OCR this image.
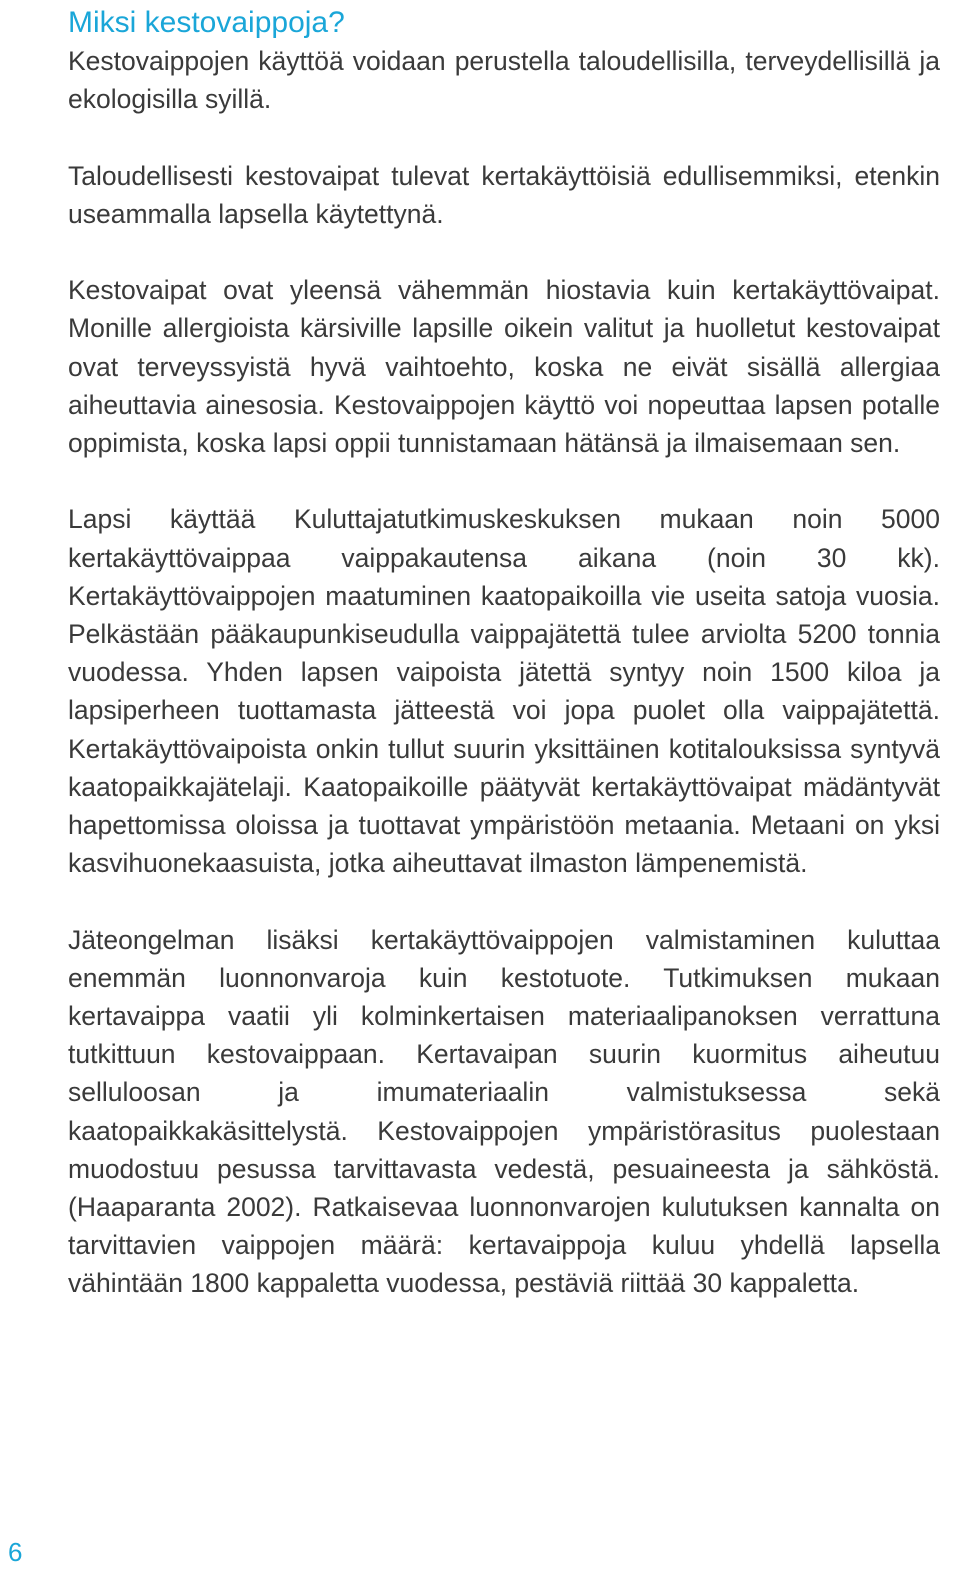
Miksi kestovaippoja?

Kestovaippojen käyttöä voidaan perustella taloudellisilla, terveydellisillä ja ekologisilla syillä.

Taloudellisesti kestovaipat tulevat kertakäyttöisiä edullisemmiksi, etenkin useammalla lapsella käytettynä.

Kestovaipat ovat yleensä vähemmän hiostavia kuin kertakäyttövaipat. Monille allergioista kärsiville lapsille oikein valitut ja huolletut kestovaipat ovat terveyssyistä hyvä vaihtoehto, koska ne eivät sisällä allergiaa aiheuttavia ainesosia. Kestovaippojen käyttö voi nopeuttaa lapsen potalle oppimista, koska lapsi oppii tunnistamaan hätänsä ja ilmaisemaan sen.

Lapsi käyttää Kuluttajatutkimuskeskuksen mukaan noin 5000 kertakäyttövaippaa vaippakautensa aikana (noin 30 kk). Kertakäyttövaippojen maatuminen kaatopaikoilla vie useita satoja vuosia. Pelkästään pääkaupunkiseudulla vaippajätettä tulee arviolta 5200 tonnia vuodessa. Yhden lapsen vaipoista jätettä syntyy noin 1500 kiloa ja lapsiperheen tuottamasta jätteestä voi jopa puolet olla vaippajätettä. Kertakäyttövaipoista onkin tullut suurin yksittäinen kotitalouksissa syntyvä kaatopaikkajätelaji. Kaatopaikoille päätyvät kertakäyttövaipat mädäntyvät hapettomissa oloissa ja tuottavat ympäristöön metaania. Metaani on yksi kasvihuonekaasuista, jotka aiheuttavat ilmaston lämpenemistä.

Jäteongelman lisäksi kertakäyttövaippojen valmistaminen kuluttaa enemmän luonnonvaroja kuin kestotuote. Tutkimuksen mukaan kertavaippa vaatii yli kolminkertaisen materiaalipanoksen verrattuna tutkittuun kestovaippaan. Kertavaipan suurin kuormitus aiheutuu selluloosan ja imumateriaalin valmistuksessa sekä kaatopaikkakäsittelystä. Kestovaippojen ympäristörasitus puolestaan muodostuu pesussa tarvittavasta vedestä, pesuaineesta ja sähköstä. (Haaparanta 2002). Ratkaisevaa luonnonvarojen kulutuksen kannalta on tarvittavien vaippojen määrä: kertavaippoja kuluu yhdellä lapsella vähintään 1800 kappaletta vuodessa, pestäviä riittää 30 kappaletta.

6
